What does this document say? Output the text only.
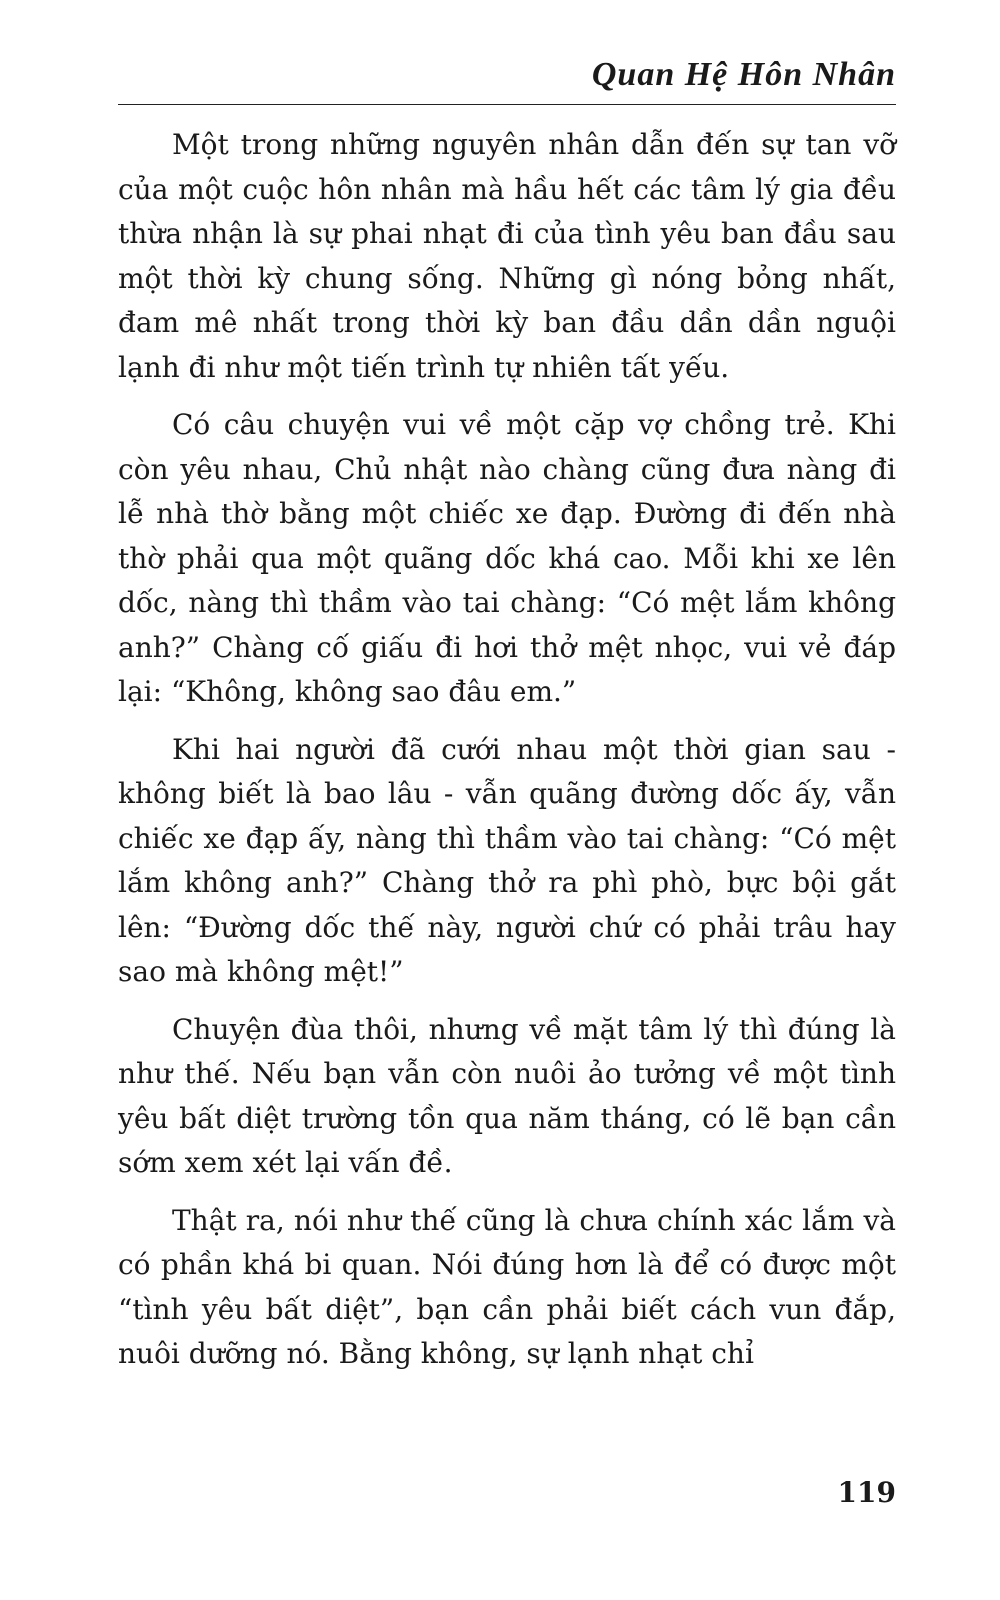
Quan Hệ Hôn Nhân

Một trong những nguyên nhân dẫn đến sự tan vỡ của một cuộc hôn nhân mà hầu hết các tâm lý gia đều thừa nhận là sự phai nhạt đi của tình yêu ban đầu sau một thời kỳ chung sống. Những gì nóng bỏng nhất, đam mê nhất trong thời kỳ ban đầu dần dần nguội lạnh đi như một tiến trình tự nhiên tất yếu.

Có câu chuyện vui về một cặp vợ chồng trẻ. Khi còn yêu nhau, Chủ nhật nào chàng cũng đưa nàng đi lễ nhà thờ bằng một chiếc xe đạp. Đường đi đến nhà thờ phải qua một quãng dốc khá cao. Mỗi khi xe lên dốc, nàng thì thầm vào tai chàng: “Có mệt lắm không anh?” Chàng cố giấu đi hơi thở mệt nhọc, vui vẻ đáp lại: “Không, không sao đâu em.”

Khi hai người đã cưới nhau một thời gian sau - không biết là bao lâu - vẫn quãng đường dốc ấy, vẫn chiếc xe đạp ấy, nàng thì thầm vào tai chàng: “Có mệt lắm không anh?” Chàng thở ra phì phò, bực bội gắt lên: “Đường dốc thế này, người chứ có phải trâu hay sao mà không mệt!”

Chuyện đùa thôi, nhưng về mặt tâm lý thì đúng là như thế. Nếu bạn vẫn còn nuôi ảo tưởng về một tình yêu bất diệt trường tồn qua năm tháng, có lẽ bạn cần sớm xem xét lại vấn đề.

Thật ra, nói như thế cũng là chưa chính xác lắm và có phần khá bi quan. Nói đúng hơn là để có được một “tình yêu bất diệt”, bạn cần phải biết cách vun đắp, nuôi dưỡng nó. Bằng không, sự lạnh nhạt chỉ

119
